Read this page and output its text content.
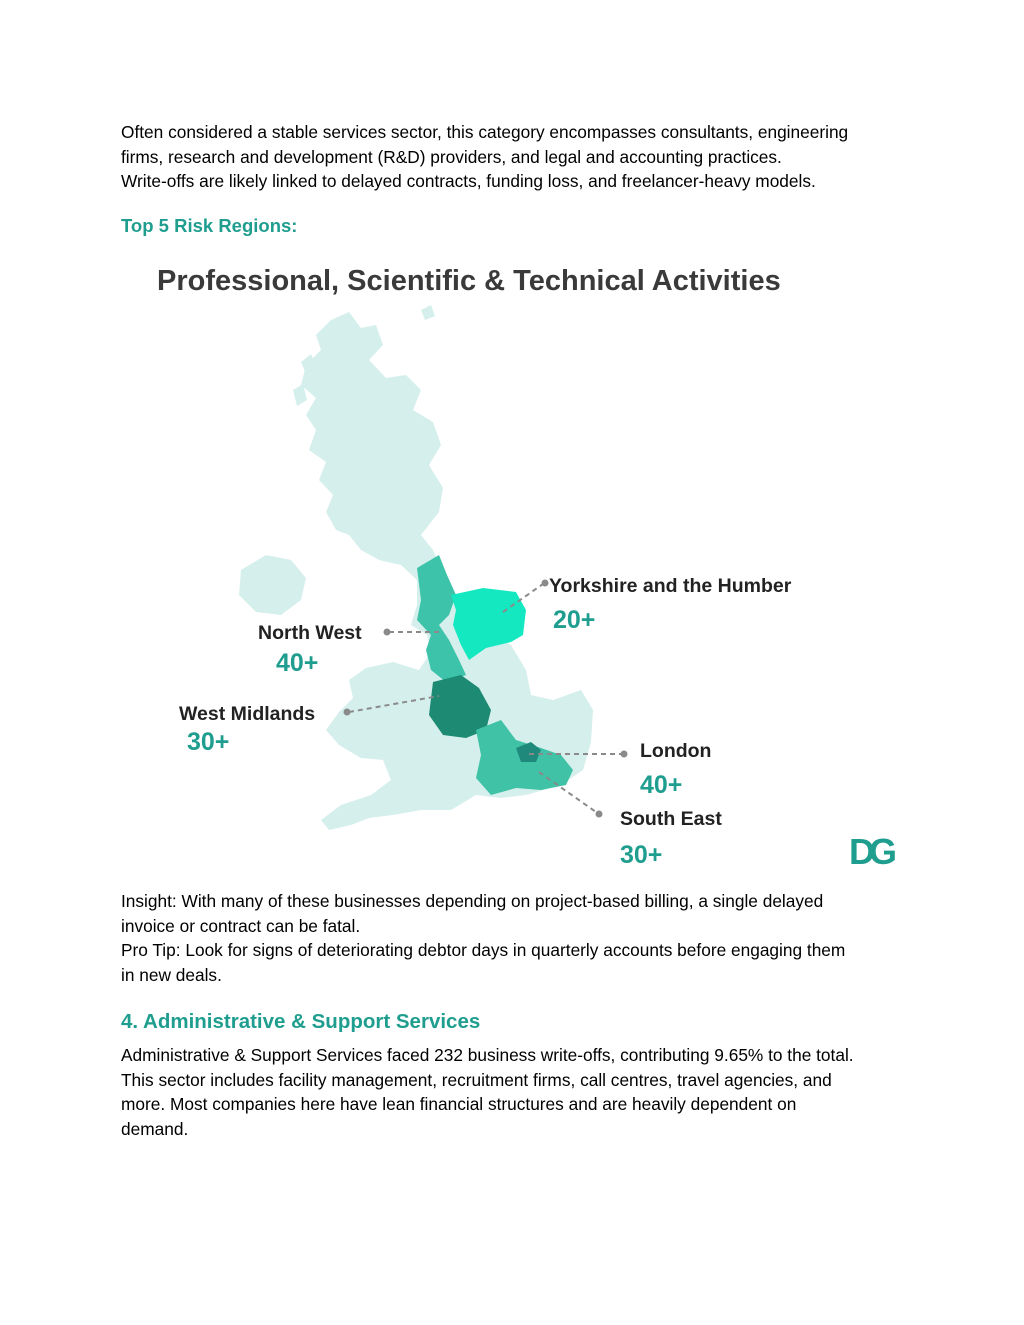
Often considered a stable services sector, this category encompasses consultants, engineering
firms, research and development (R&D) providers, and legal and accounting practices.
Write-offs are likely linked to delayed contracts, funding loss, and freelancer-heavy models.
Top 5 Risk Regions:
Professional, Scientific & Technical Activities
Yorkshire and the Humber
20+
North West
40+
West Midlands
30+	London
40+
South East
30+	DG
Insight: With many of these businesses depending on project-based billing, a single delayed
invoice or contract can be fatal.
Pro Tip: Look for signs of deteriorating debtor days in quarterly accounts before engaging them
in new deals.
4. Administrative & Support Services
Administrative & Support Services faced 232 business write-offs, contributing 9.65% to the total.
This sector includes facility management, recruitment firms, call centres, travel agencies, and
more. Most companies here have lean financial structures and are heavily dependent on
demand.
